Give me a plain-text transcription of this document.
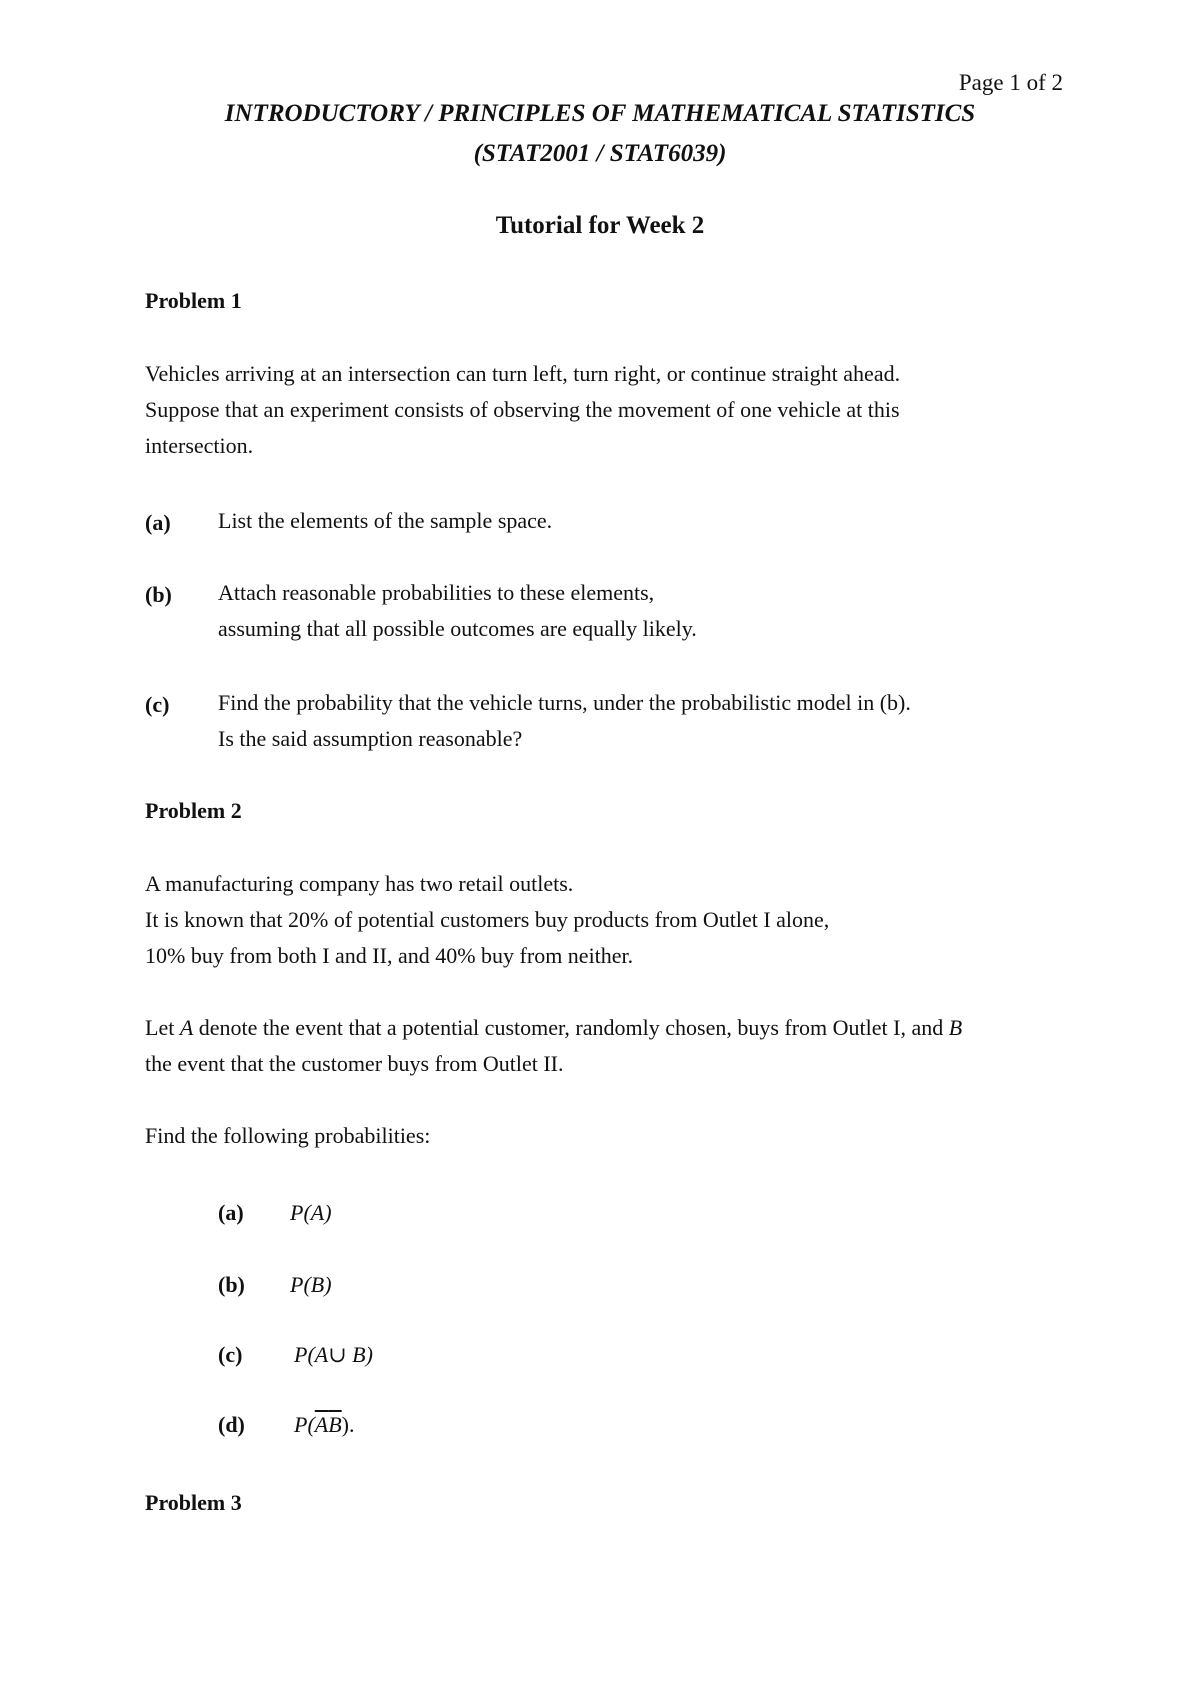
Page 1 of 2
INTRODUCTORY / PRINCIPLES OF MATHEMATICAL STATISTICS
(STAT2001 / STAT6039)
Tutorial for Week 2
Problem 1
Vehicles arriving at an intersection can turn left, turn right, or continue straight ahead.
Suppose that an experiment consists of observing the movement of one vehicle at this
intersection.
(a) List the elements of the sample space.
(b) Attach reasonable probabilities to these elements,
assuming that all possible outcomes are equally likely.
(c) Find the probability that the vehicle turns, under the probabilistic model in (b).
Is the said assumption reasonable?
Problem 2
A manufacturing company has two retail outlets.
It is known that 20% of potential customers buy products from Outlet I alone,
10% buy from both I and II, and 40% buy from neither.
Let A denote the event that a potential customer, randomly chosen, buys from Outlet I, and B
the event that the customer buys from Outlet II.
Find the following probabilities:
(a) P(A)
(b) P(B)
(c) P(A∪ B)
(d) $P(\overline{A}\overline{B})$.
Problem 3
